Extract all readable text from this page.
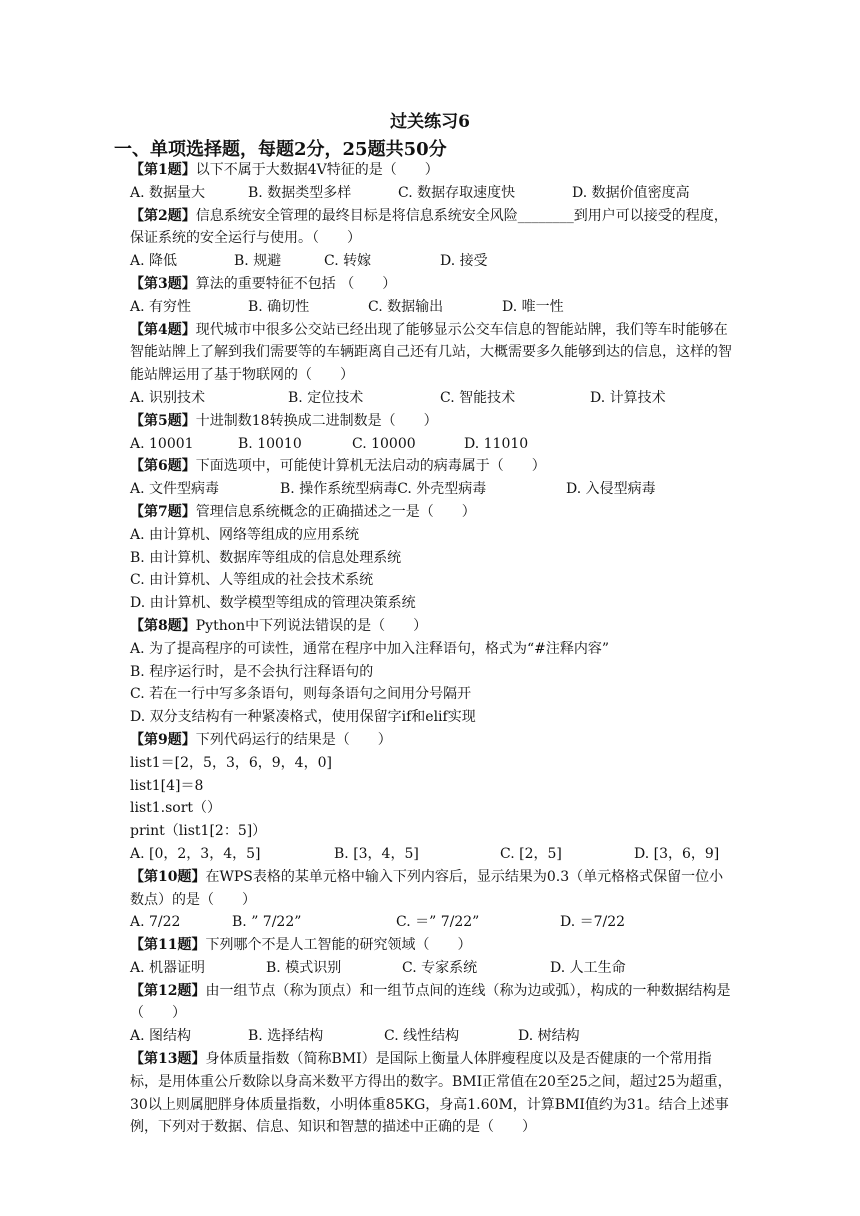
过关练习6
一、单项选择题，每题2分，25题共50分
【第1题】以下不属于大数据4V特征的是（　　）
A. 数据量大	B. 数据类型多样	C. 数据存取速度快	D. 数据价值密度高
【第2题】信息系统安全管理的最终目标是将信息系统安全风险________到用户可以接受的程度，保证系统的安全运行与使用。（　　）
A. 降低	B. 规避	C. 转嫁	D. 接受
【第3题】算法的重要特征不包括 （　　）
A. 有穷性	B. 确切性	C. 数据输出	D. 唯一性
【第4题】现代城市中很多公交站已经出现了能够显示公交车信息的智能站牌，我们等车时能够在智能站牌上了解到我们需要等的车辆距离自己还有几站，大概需要多久能够到达的信息，这样的智能站牌运用了基于物联网的（　　）
A. 识别技术	B. 定位技术	C. 智能技术	D. 计算技术
【第5题】十进制数18转换成二进制数是（　　）
A. 10001	B. 10010	C. 10000	D. 11010
【第6题】下面选项中，可能使计算机无法启动的病毒属于（　　）
A. 文件型病毒	B. 操作系统型病毒C. 外壳型病毒	D. 入侵型病毒
【第7题】管理信息系统概念的正确描述之一是（　　）
A. 由计算机、网络等组成的应用系统
B. 由计算机、数据库等组成的信息处理系统
C. 由计算机、人等组成的社会技术系统
D. 由计算机、数学模型等组成的管理决策系统
【第8题】Python中下列说法错误的是（　　）
A. 为了提高程序的可读性，通常在程序中加入注释语句，格式为“#注释内容”
B. 程序运行时，是不会执行注释语句的
C. 若在一行中写多条语句，则每条语句之间用分号隔开
D. 双分支结构有一种紧凑格式，使用保留字if和elif实现
【第9题】下列代码运行的结果是（　　）
list1＝[2，5，3，6，9，4，0]
list1[4]＝8
list1.sort（）
print（list1[2：5]）
A. [0，2，3，4，5]	B. [3，4，5]	C. [2，5]	D. [3，6，9]
【第10题】在WPS表格的某单元格中输入下列内容后，显示结果为0.3（单元格格式保留一位小数点）的是（　　）
A. 7/22	B. ” 7/22”	C. ＝” 7/22”	D. ＝7/22
【第11题】下列哪个不是人工智能的研究领域（　　）
A. 机器证明	B. 模式识别	C. 专家系统	D. 人工生命
【第12题】由一组节点（称为顶点）和一组节点间的连线（称为边或弧），构成的一种数据结构是（　　）
A. 图结构	B. 选择结构	C. 线性结构	D. 树结构
【第13题】身体质量指数（简称BMI）是国际上衡量人体胖瘦程度以及是否健康的一个常用指标，是用体重公斤数除以身高米数平方得出的数字。BMI正常值在20至25之间，超过25为超重，30以上则属肥胖身体质量指数，小明体重85KG，身高1.60M，计算BMI值约为31。结合上述事例，下列对于数据、信息、知识和智慧的描述中正确的是（　　）
